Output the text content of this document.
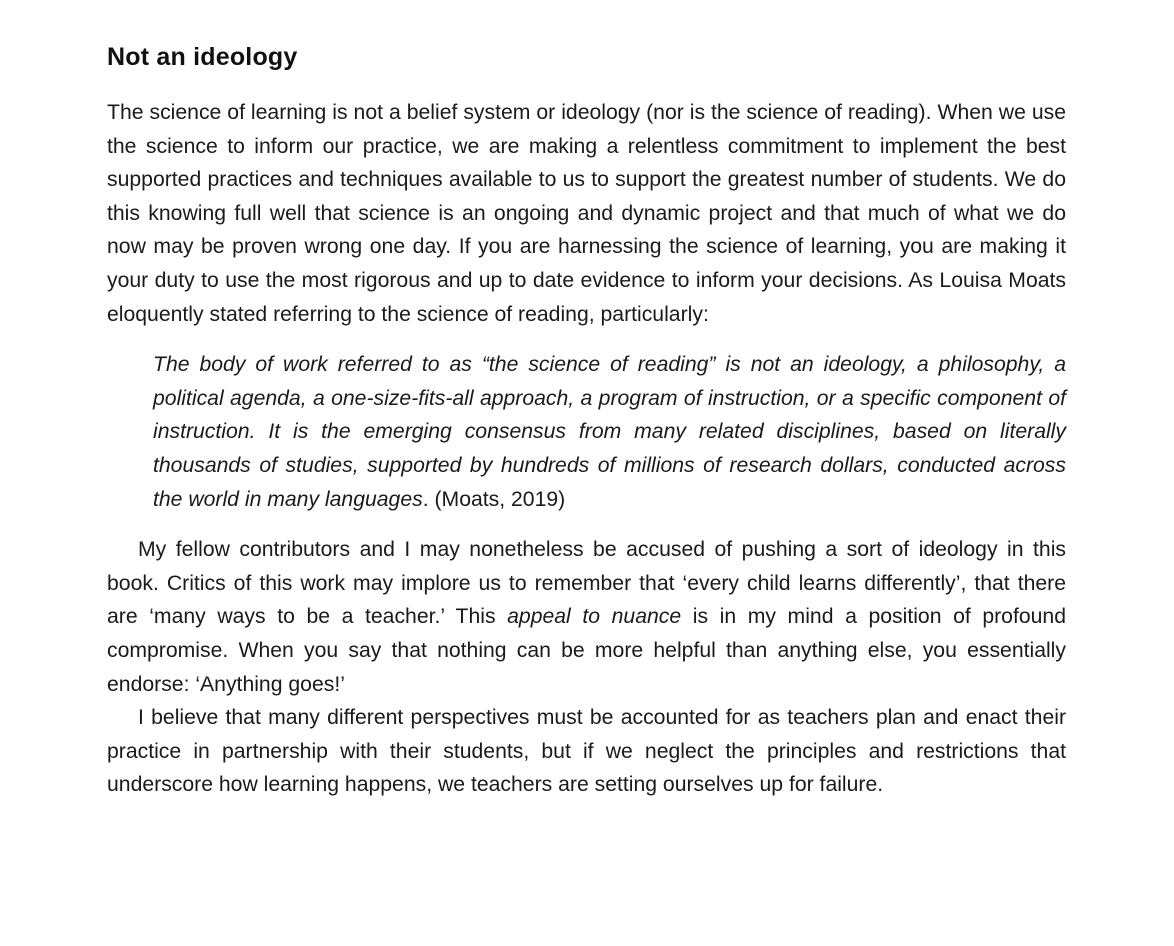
Not an ideology

The science of learning is not a belief system or ideology (nor is the science of reading). When we use the science to inform our practice, we are making a relentless commitment to implement the best supported practices and techniques available to us to support the greatest number of students. We do this knowing full well that science is an ongoing and dynamic project and that much of what we do now may be proven wrong one day. If you are harnessing the science of learning, you are making it your duty to use the most rigorous and up to date evidence to inform your decisions. As Louisa Moats eloquently stated referring to the science of reading, particularly:

The body of work referred to as “the science of reading” is not an ideology, a philosophy, a political agenda, a one-size-fits-all approach, a program of instruction, or a specific component of instruction. It is the emerging consensus from many related disciplines, based on literally thousands of studies, supported by hundreds of millions of research dollars, conducted across the world in many languages. (Moats, 2019)

My fellow contributors and I may nonetheless be accused of pushing a sort of ideology in this book. Critics of this work may implore us to remember that ‘every child learns differently’, that there are ‘many ways to be a teacher.’ This appeal to nuance is in my mind a position of profound compromise. When you say that nothing can be more helpful than anything else, you essentially endorse: ‘Anything goes!’

I believe that many different perspectives must be accounted for as teachers plan and enact their practice in partnership with their students, but if we neglect the principles and restrictions that underscore how learning happens, we teachers are setting ourselves up for failure.
